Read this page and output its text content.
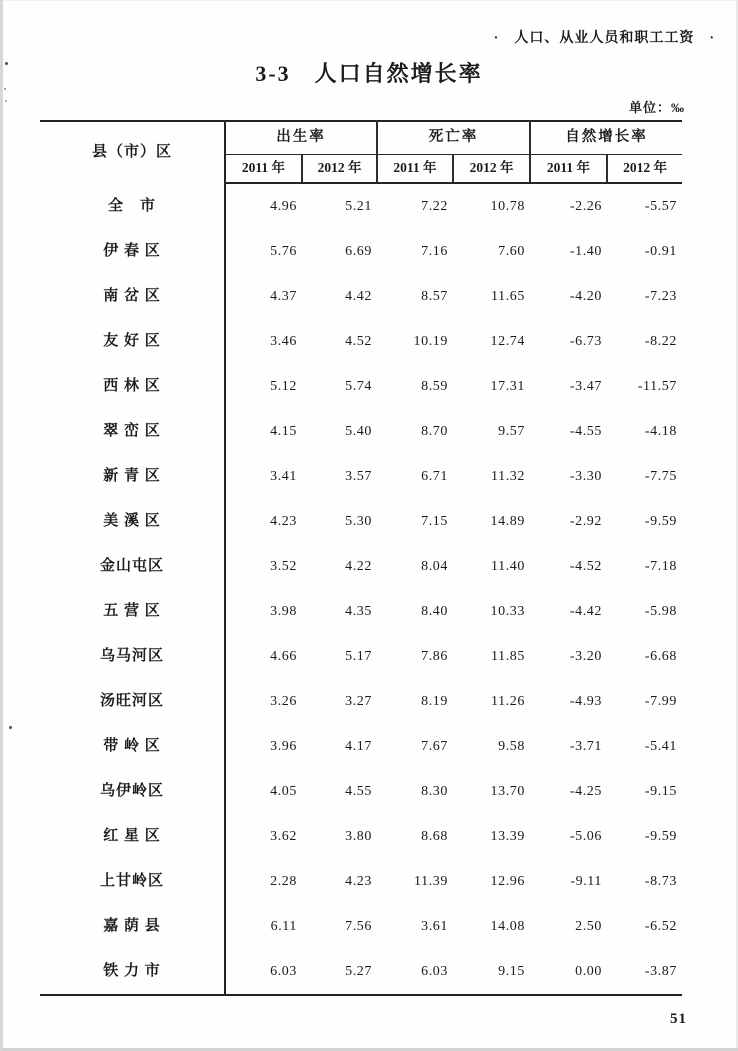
·　人口、从业人员和职工工资　·
3-3　人口自然增长率
单位：‰
县（市）区	出生率		死亡率		自然增长率	
	2011 年	2012 年	2011 年	2012 年	2011 年	2012 年
全　市	4.96	5.21	7.22	10.78	-2.26	-5.57
伊 春 区	5.76	6.69	7.16	7.60	-1.40	-0.91
南 岔 区	4.37	4.42	8.57	11.65	-4.20	-7.23
友 好 区	3.46	4.52	10.19	12.74	-6.73	-8.22
西 林 区	5.12	5.74	8.59	17.31	-3.47	-11.57
翠 峦 区	4.15	5.40	8.70	9.57	-4.55	-4.18
新 青 区	3.41	3.57	6.71	11.32	-3.30	-7.75
美 溪 区	4.23	5.30	7.15	14.89	-2.92	-9.59
金山屯区	3.52	4.22	8.04	11.40	-4.52	-7.18
五 营 区	3.98	4.35	8.40	10.33	-4.42	-5.98
乌马河区	4.66	5.17	7.86	11.85	-3.20	-6.68
汤旺河区	3.26	3.27	8.19	11.26	-4.93	-7.99
带 岭 区	3.96	4.17	7.67	9.58	-3.71	-5.41
乌伊岭区	4.05	4.55	8.30	13.70	-4.25	-9.15
红 星 区	3.62	3.80	8.68	13.39	-5.06	-9.59
上甘岭区	2.28	4.23	11.39	12.96	-9.11	-8.73
嘉 荫 县	6.11	7.56	3.61	14.08	2.50	-6.52
铁 力 市	6.03	5.27	6.03	9.15	0.00	-3.87
51
